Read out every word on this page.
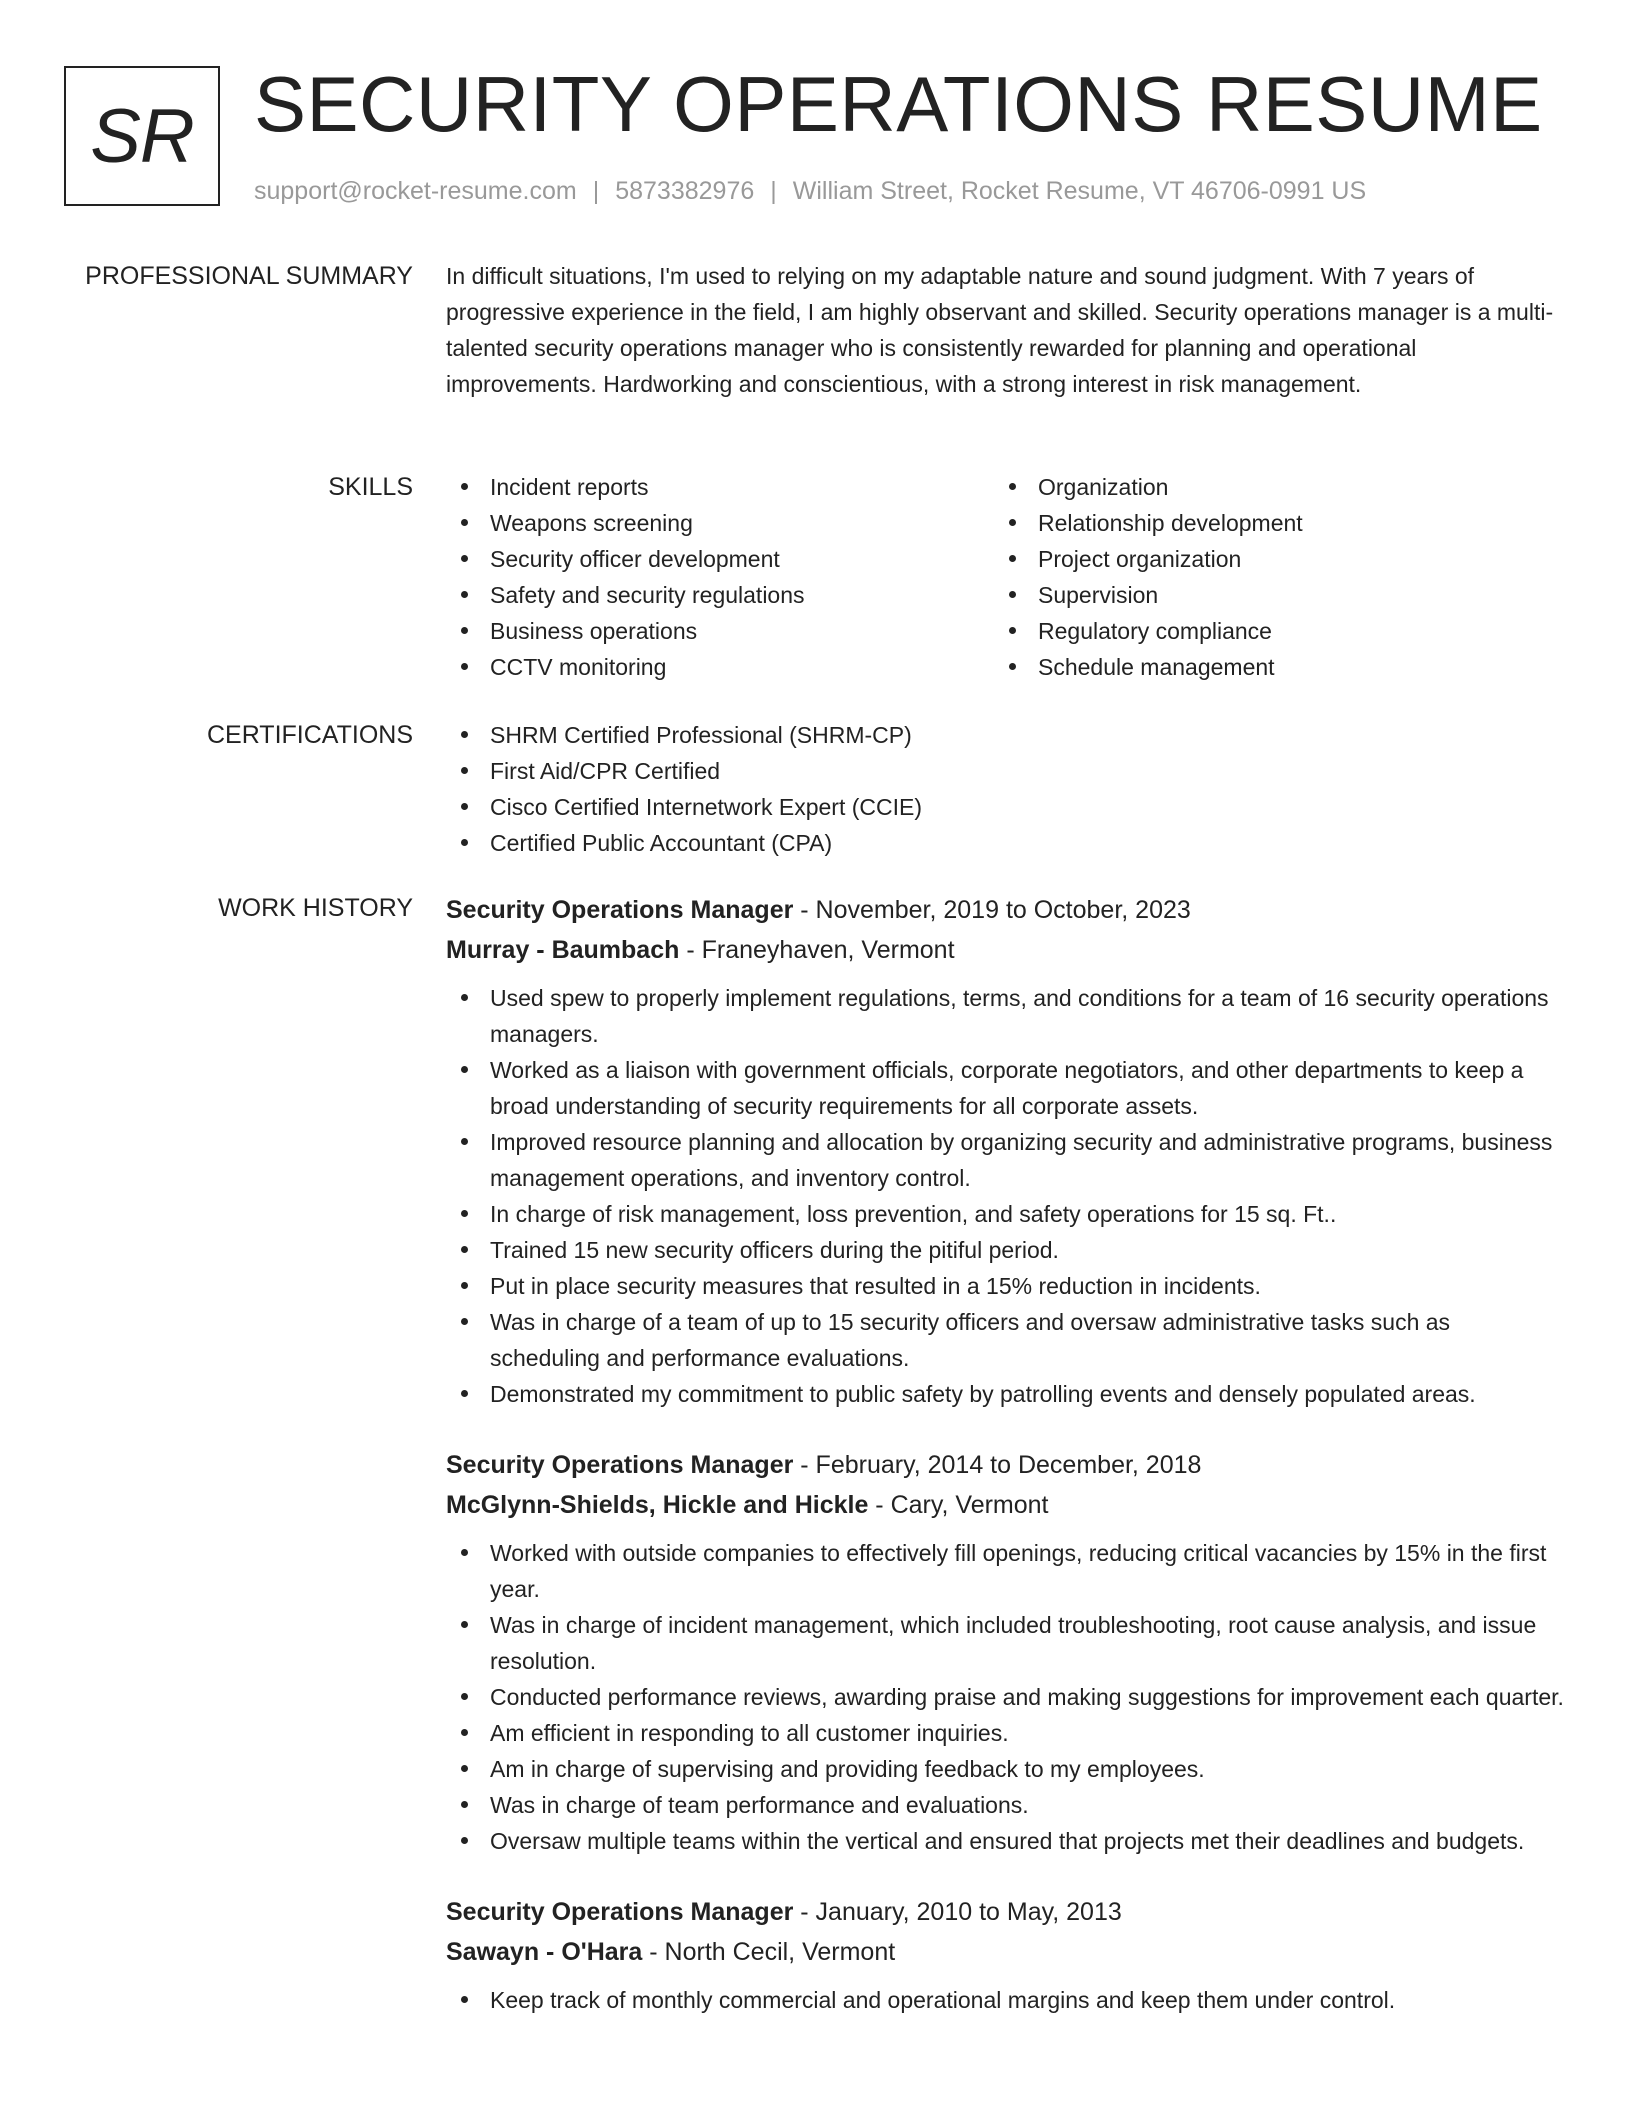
SR SECURITY OPERATIONS RESUME
support@rocket-resume.com | 5873382976 | William Street, Rocket Resume, VT 46706-0991 US
PROFESSIONAL SUMMARY In difficult situations, I'm used to relying on my adaptable nature and sound judgment. With 7 years of progressive experience in the field, I am highly observant and skilled. Security operations manager is a multi-talented security operations manager who is consistently rewarded for planning and operational improvements. Hardworking and conscientious, with a strong interest in risk management.
SKILLS	Incident reports
Weapons screening
Security officer development
Safety and security regulations
Business operations
CCTV monitoring
Organization
Relationship development
Project organization
Supervision
Regulatory compliance
Schedule management
CERTIFICATIONS	SHRM Certified Professional (SHRM-CP)
First Aid/CPR Certified
Cisco Certified Internetwork Expert (CCIE)
Certified Public Accountant (CPA)
WORK HISTORY Security Operations Manager - November, 2019 to October, 2023
Murray - Baumbach - Franeyhaven, Vermont
Used spew to properly implement regulations, terms, and conditions for a team of 16 security operations managers.
Worked as a liaison with government officials, corporate negotiators, and other departments to keep a broad understanding of security requirements for all corporate assets.
Improved resource planning and allocation by organizing security and administrative programs, business management operations, and inventory control.
In charge of risk management, loss prevention, and safety operations for 15 sq. Ft..
Trained 15 new security officers during the pitiful period.
Put in place security measures that resulted in a 15% reduction in incidents.
Was in charge of a team of up to 15 security officers and oversaw administrative tasks such as scheduling and performance evaluations.
Demonstrated my commitment to public safety by patrolling events and densely populated areas.
Security Operations Manager - February, 2014 to December, 2018
McGlynn-Shields, Hickle and Hickle - Cary, Vermont
Worked with outside companies to effectively fill openings, reducing critical vacancies by 15% in the first year.
Was in charge of incident management, which included troubleshooting, root cause analysis, and issue resolution.
Conducted performance reviews, awarding praise and making suggestions for improvement each quarter.
Am efficient in responding to all customer inquiries.
Am in charge of supervising and providing feedback to my employees.
Was in charge of team performance and evaluations.
Oversaw multiple teams within the vertical and ensured that projects met their deadlines and budgets.
Security Operations Manager - January, 2010 to May, 2013
Sawayn - O'Hara - North Cecil, Vermont
Keep track of monthly commercial and operational margins and keep them under control.
